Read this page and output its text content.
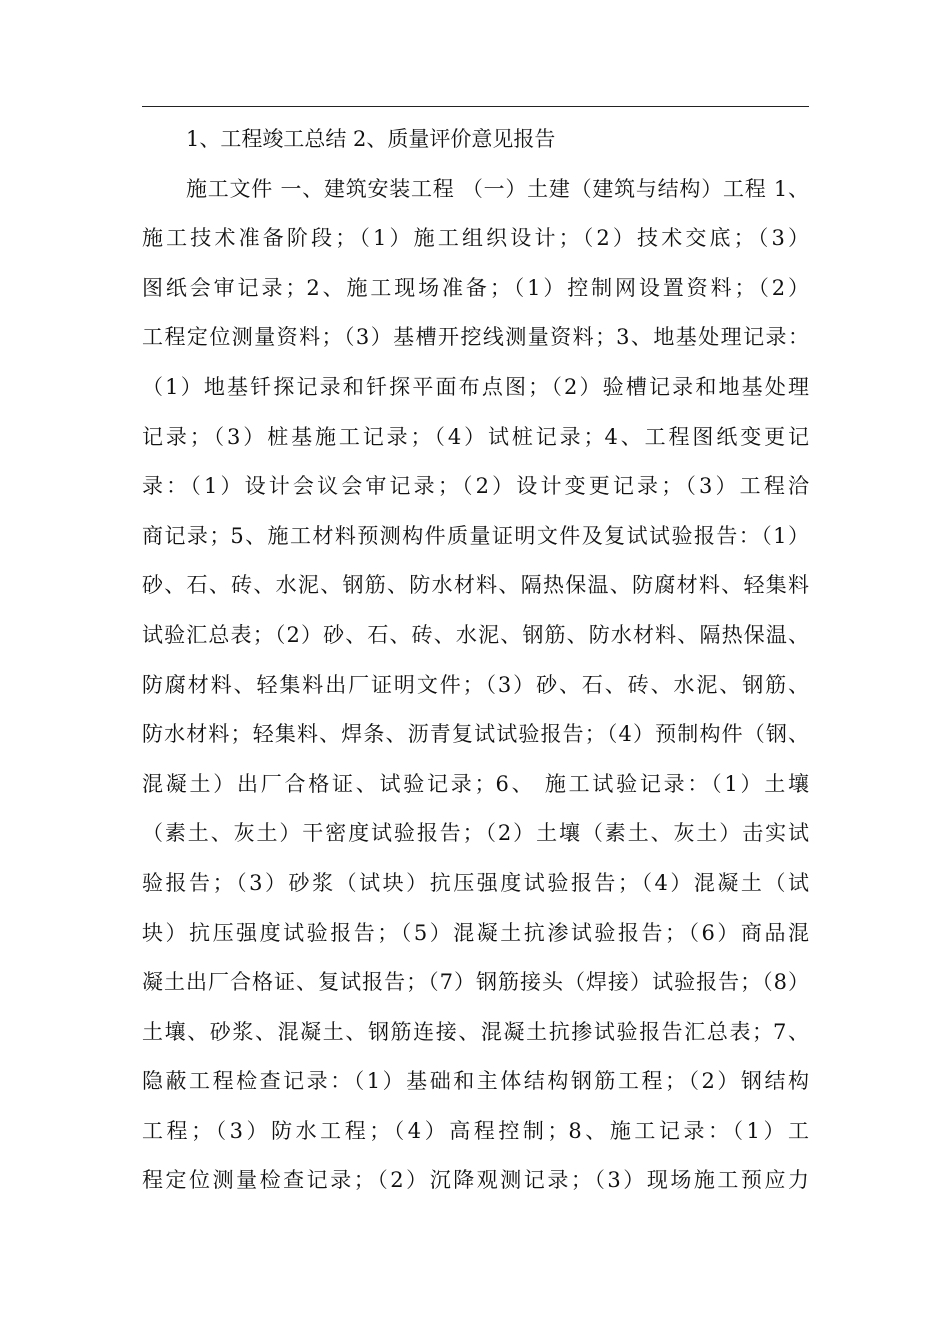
1、工程竣工总结 2、质量评价意见报告
施工文件 一、建筑安装工程 （一）土建（建筑与结构）工程 1、
施工技术准备阶段；（1）施工组织设计；（2）技术交底；（3）
图纸会审记录；2、施工现场准备；（1）控制网设置资料；（2）
工程定位测量资料；（3）基槽开挖线测量资料；3、地基处理记录：
（1）地基钎探记录和钎探平面布点图；（2）验槽记录和地基处理
记录；（3）桩基施工记录；（4）试桩记录；4、工程图纸变更记
录：（1）设计会议会审记录；（2）设计变更记录；（3）工程洽
商记录；5、施工材料预测构件质量证明文件及复试试验报告：（1）
砂、石、砖、水泥、钢筋、防水材料、隔热保温、防腐材料、轻集料
试验汇总表；（2）砂、石、砖、水泥、钢筋、防水材料、隔热保温、
防腐材料、轻集料出厂证明文件；（3）砂、石、砖、水泥、钢筋、
防水材料；轻集料、焊条、沥青复试试验报告；（4）预制构件（钢、
混凝土）出厂合格证、试验记录；6、 施工试验记录：（1）土壤
（素土、灰土）干密度试验报告；（2）土壤（素土、灰土）击实试
验报告；（3）砂浆（试块）抗压强度试验报告；（4）混凝土（试
块）抗压强度试验报告；（5）混凝土抗渗试验报告；（6）商品混
凝土出厂合格证、复试报告；（7）钢筋接头（焊接）试验报告；（8）
土壤、砂浆、混凝土、钢筋连接、混凝土抗掺试验报告汇总表；7、
隐蔽工程检查记录：（1）基础和主体结构钢筋工程；（2）钢结构
工程；（3）防水工程；（4）高程控制；8、施工记录：（1）工
程定位测量检查记录；（2）沉降观测记录；（3）现场施工预应力
